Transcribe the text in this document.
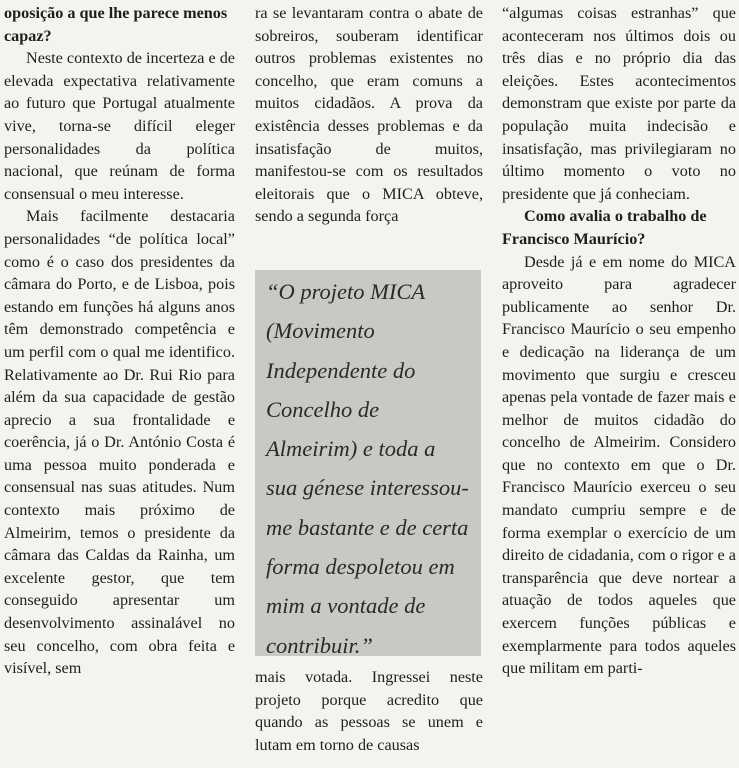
oposição a que lhe parece menos capaz?

Neste contexto de incerteza e de elevada expectativa relativamente ao futuro que Portugal atualmente vive, torna-se difícil eleger personalidades da política nacional, que reúnam de forma consensual o meu interesse.

Mais facilmente destacaria personalidades “de política local” como é o caso dos presidentes da câmara do Porto, e de Lisboa, pois estando em funções há alguns anos têm demonstrado competência e um perfil com o qual me identifico. Relativamente ao Dr. Rui Rio para além da sua capacidade de gestão aprecio a sua frontalidade e coerência, já o Dr. António Costa é uma pessoa muito ponderada e consensual nas suas atitudes. Num contexto mais próximo de Almeirim, temos o presidente da câmara das Caldas da Rainha, um excelente gestor, que tem conseguido apresentar um desenvolvimento assinalável no seu concelho, com obra feita e visível, sem

ra se levantaram contra o abate de sobreiros, souberam identificar outros problemas existentes no concelho, que eram comuns a muitos cidadãos. A prova da existência desses problemas e da insatisfação de muitos, manifestou-se com os resultados eleitorais que o MICA obteve, sendo a segunda força

“O projeto MICA (Movimento Independente do Concelho de Almeirim) e toda a sua génese interessou-me bastante e de certa forma despoletou em mim a vontade de contribuir.”

mais votada. Ingressei neste projeto porque acredito que quando as pessoas se unem e lutam em torno de causas

“algumas coisas estranhas” que aconteceram nos últimos dois ou três dias e no próprio dia das eleições. Estes acontecimentos demonstram que existe por parte da população muita indecisão e insatisfação, mas privilegiaram no último momento o voto no presidente que já conheciam.

Como avalia o trabalho de Francisco Maurício?

Desde já e em nome do MICA aproveito para agradecer publicamente ao senhor Dr. Francisco Maurício o seu empenho e dedicação na liderança de um movimento que surgiu e cresceu apenas pela vontade de fazer mais e melhor de muitos cidadão do concelho de Almeirim. Considero que no contexto em que o Dr. Francisco Maurício exerceu o seu mandato cumpriu sempre e de forma exemplar o exercício de um direito de cidadania, com o rigor e a transparência que deve nortear a atuação de todos aqueles que exercem funções públicas e exemplarmente para todos aqueles que militam em parti-
